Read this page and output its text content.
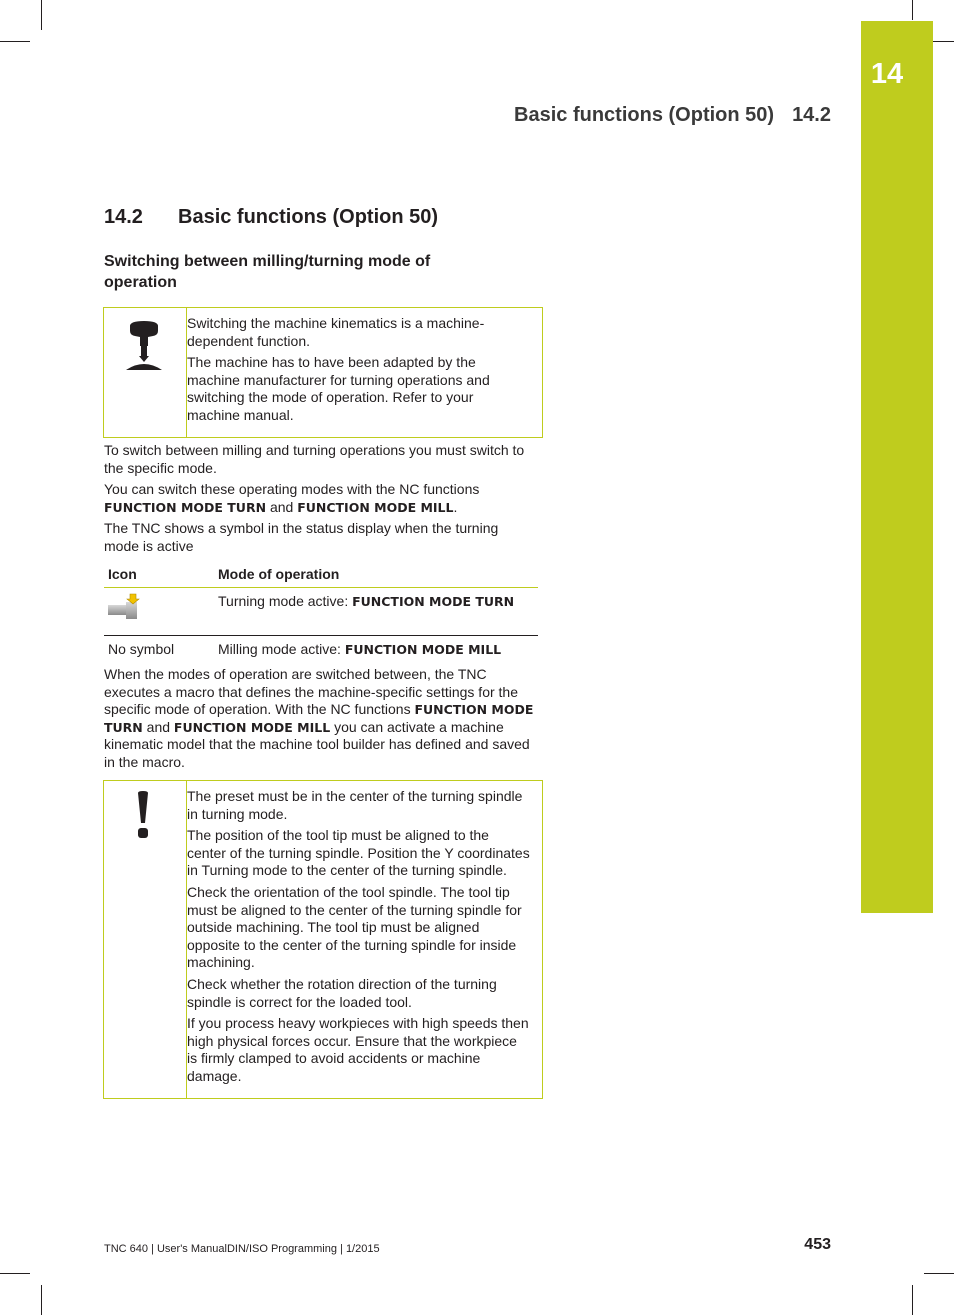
14
Basic functions (Option 50) 14.2
14.2 Basic functions (Option 50)
Switching between milling/turning mode of operation

Switching the machine kinematics is a machine-dependent function.

The machine has to have been adapted by the machine manufacturer for turning operations and switching the mode of operation. Refer to your machine manual.

To switch between milling and turning operations you must switch to the specific mode.

You can switch these operating modes with the NC functions
FUNCTION MODE TURN and FUNCTION MODE MILL.

The TNC shows a symbol in the status display when the turning mode is active

Icon	Mode of operation
	Turning mode active: FUNCTION MODE TURN
No symbol	Milling mode active: FUNCTION MODE MILL

When the modes of operation are switched between, the TNC executes a macro that defines the machine-specific settings for the specific mode of operation. With the NC functions FUNCTION MODE TURN and FUNCTION MODE MILL you can activate a machine kinematic model that the machine tool builder has defined and saved in the macro.

The preset must be in the center of the turning spindle in turning mode.

The position of the tool tip must be aligned to the center of the turning spindle. Position the Y coordinates in Turning mode to the center of the turning spindle.

Check the orientation of the tool spindle. The tool tip must be aligned to the center of the turning spindle for outside machining. The tool tip must be aligned opposite to the center of the turning spindle for inside machining.

Check whether the rotation direction of the turning spindle is correct for the loaded tool.

If you process heavy workpieces with high speeds then high physical forces occur. Ensure that the workpiece is firmly clamped to avoid accidents or machine damage.

TNC 640 | User's ManualDIN/ISO Programming | 1/2015	453
